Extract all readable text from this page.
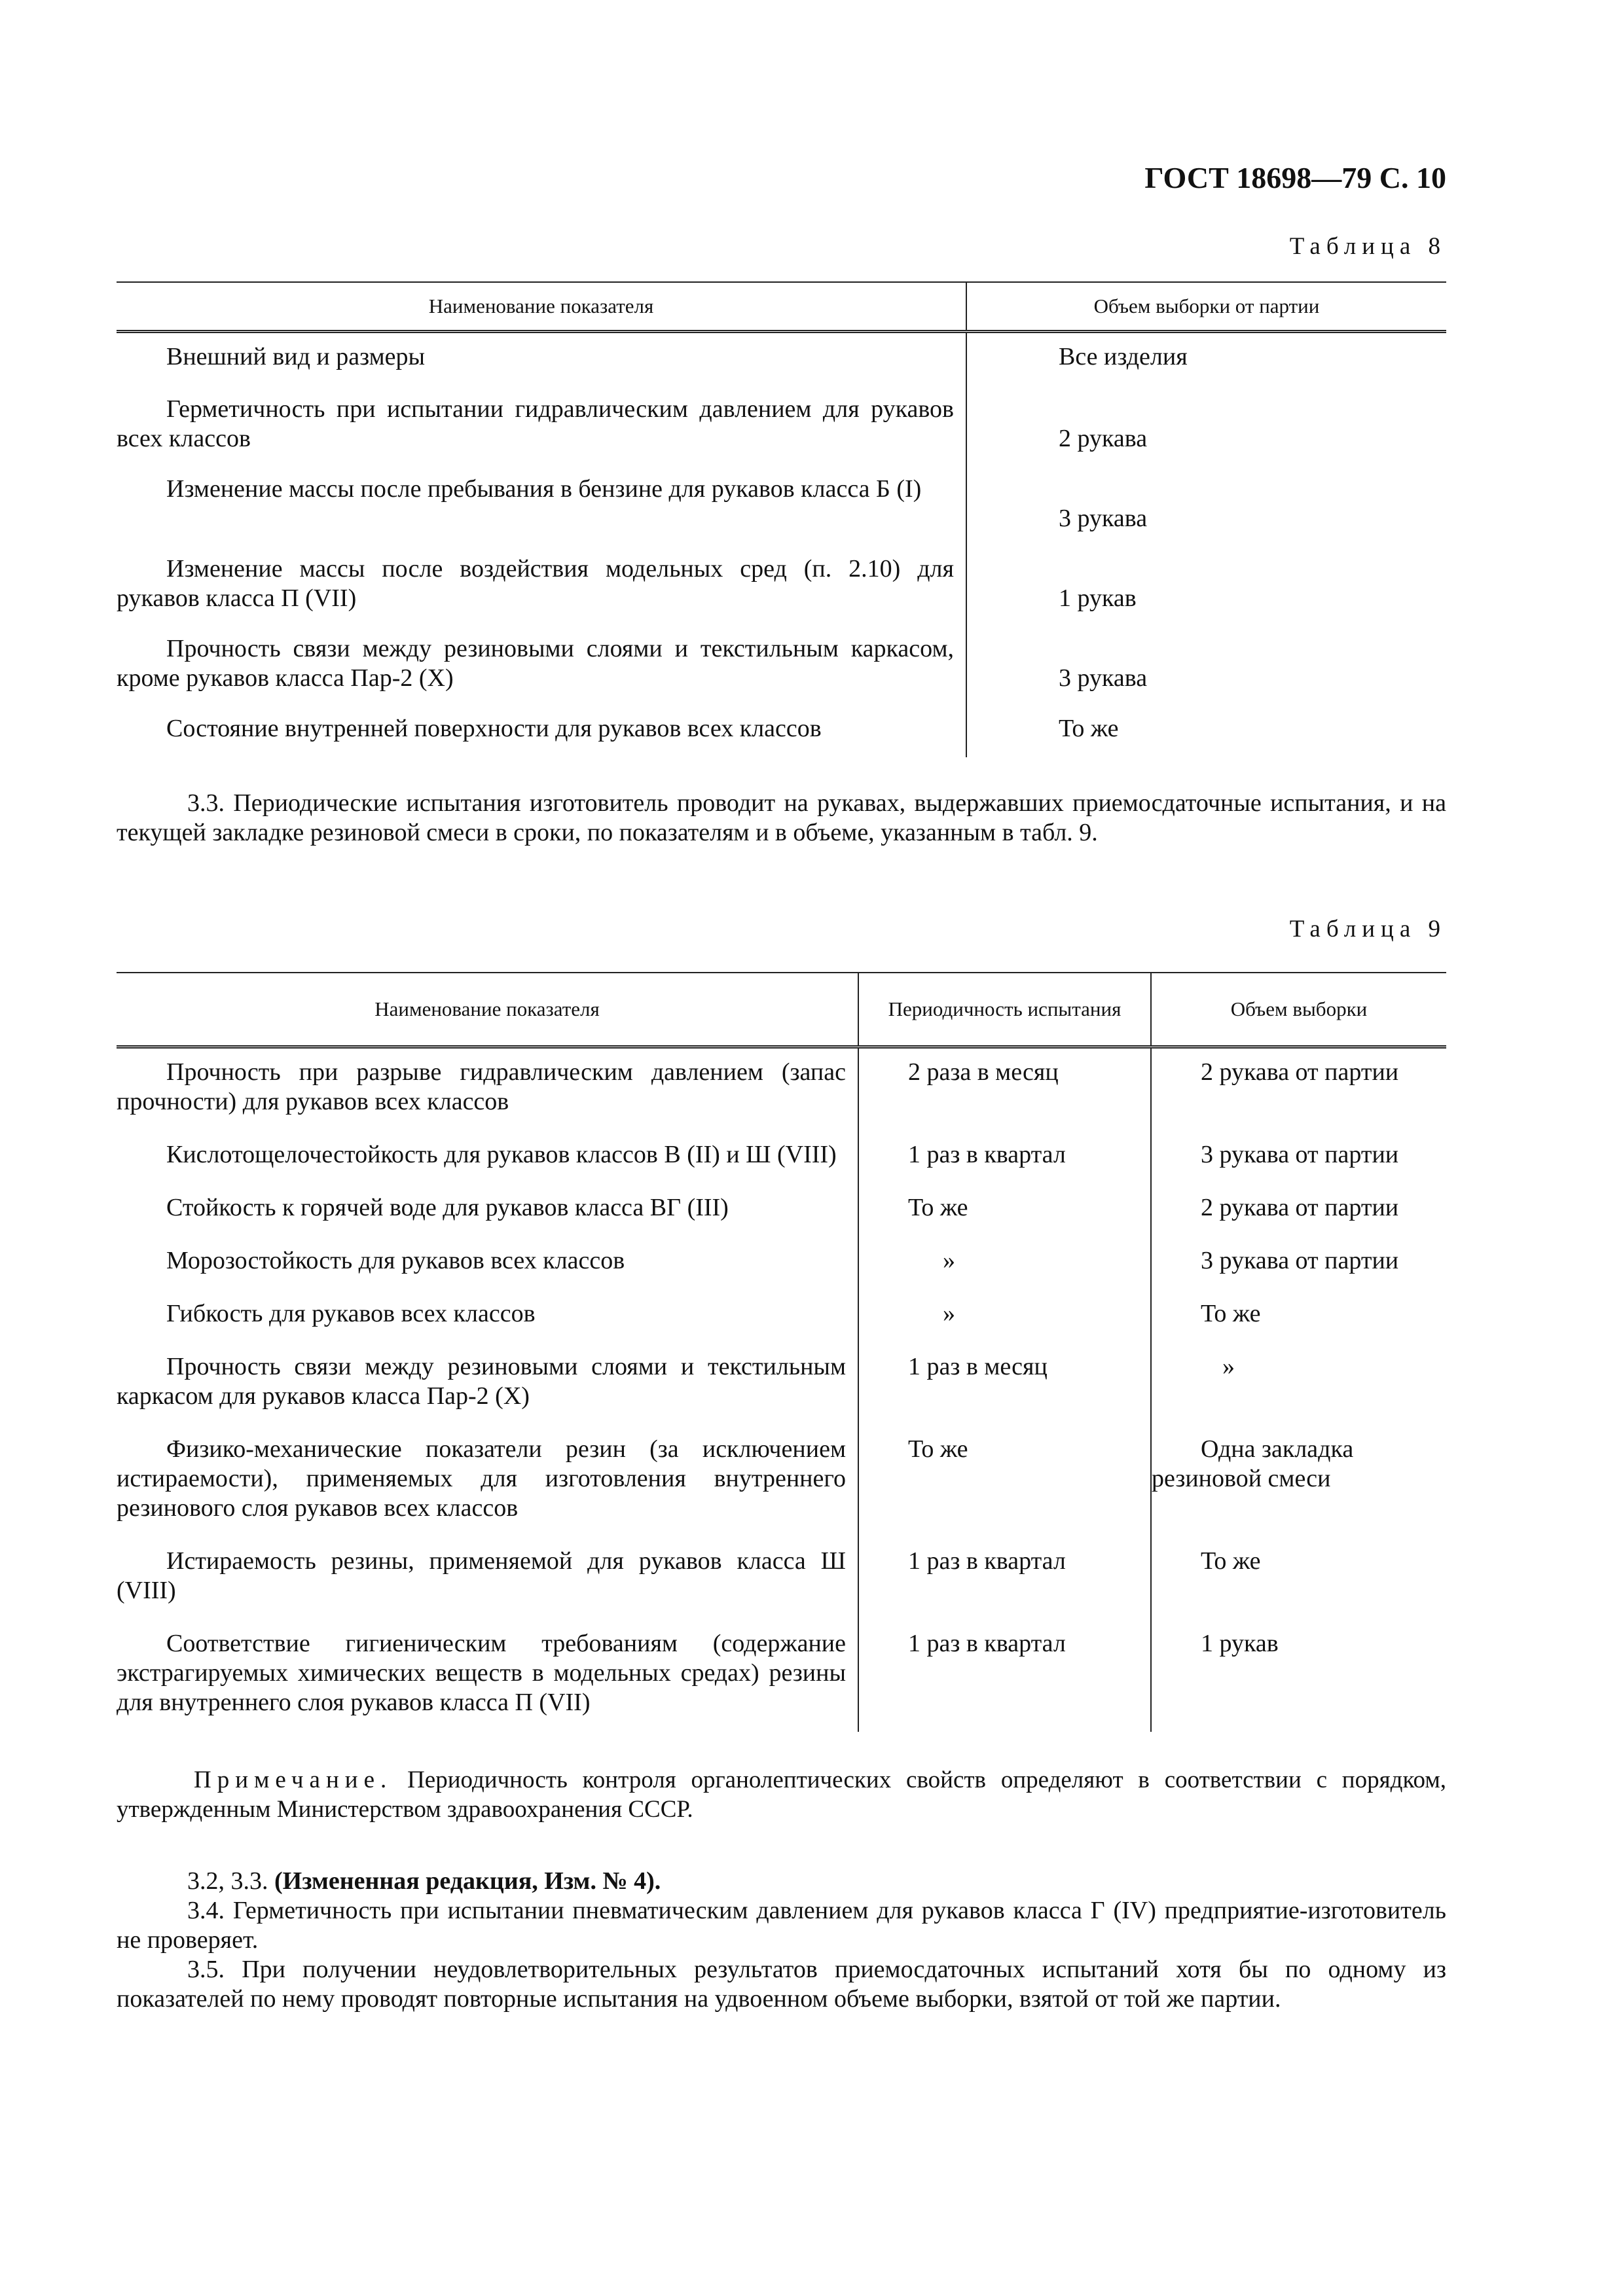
ГОСТ 18698—79 С. 10
Таблица 8
Наименование показателя	Объем выборки от партии
Внешний вид и размеры	Все изделия
Герметичность при испытании гидравлическим давлением для рукавов всех классов	2 рукава
Изменение массы после пребывания в бензине для рукавов класса Б (I)	3 рукава
Изменение массы после воздействия модельных сред (п. 2.10) для рукавов класса П (VII)	1 рукав
Прочность связи между резиновыми слоями и текстильным каркасом, кроме рукавов класса Пар-2 (X)	3 рукава
Состояние внутренней поверхности для рукавов всех классов	То же
3.3. Периодические испытания изготовитель проводит на рукавах, выдержавших приемосдаточные испытания, и на текущей закладке резиновой смеси в сроки, по показателям и в объеме, указанным в табл. 9.
Таблица 9
Наименование показателя	Периодичность испытания	Объем выборки
Прочность при разрыве гидравлическим давлением (запас прочности) для рукавов всех классов	2 раза в месяц	2 рукава от партии
Кислотощелочестойкость для рукавов классов В (II) и Ш (VIII)	1 раз в квартал	3 рукава от партии
Стойкость к горячей воде для рукавов класса ВГ (III)	То же	2 рукава от партии
Морозостойкость для рукавов всех классов	»	3 рукава от партии
Гибкость для рукавов всех классов	»	То же
Прочность связи между резиновыми слоями и текстильным каркасом для рукавов класса Пар-2 (X)	1 раз в месяц	»
Физико-механические показатели резин (за исключением истираемости), применяемых для изготовления внутреннего резинового слоя рукавов всех классов	То же	Одна закладка резиновой смеси
Истираемость резины, применяемой для рукавов класса Ш (VIII)	1 раз в квартал	То же
Соответствие гигиеническим требованиям (содержание экстрагируемых химических веществ в модельных средах) резины для внутреннего слоя рукавов класса П (VII)	1 раз в квартал	1 рукав
Примечание. Периодичность контроля органолептических свойств определяют в соответствии с порядком, утвержденным Министерством здравоохранения СССР.
3.2, 3.3. (Измененная редакция, Изм. № 4).
3.4. Герметичность при испытании пневматическим давлением для рукавов класса Г (IV) предприятие-изготовитель не проверяет.
3.5. При получении неудовлетворительных результатов приемосдаточных испытаний хотя бы по одному из показателей по нему проводят повторные испытания на удвоенном объеме выборки, взятой от той же партии.
